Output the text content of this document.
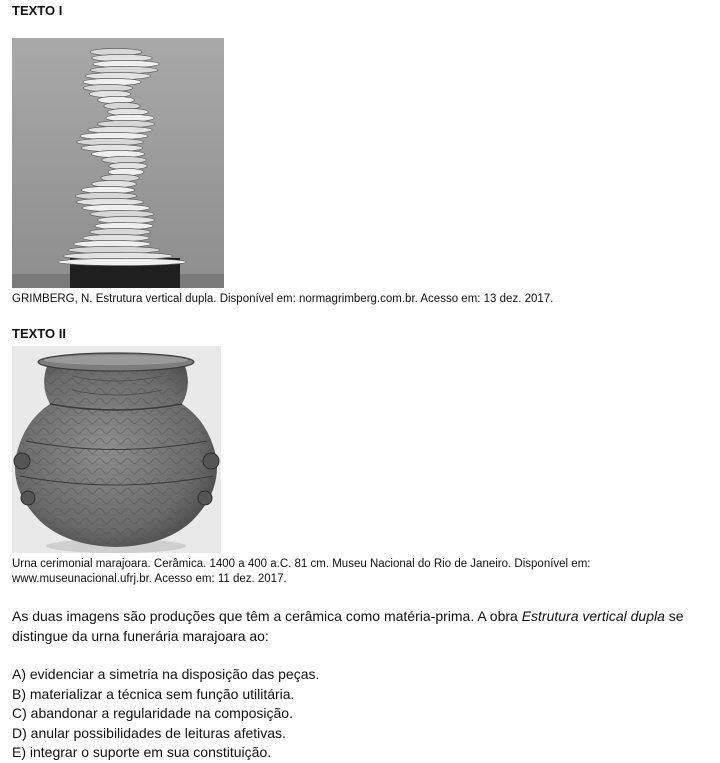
TEXTO I
GRIMBERG, N. Estrutura vertical dupla. Disponível em: normagrimberg.com.br. Acesso em: 13 dez. 2017.
TEXTO II
Urna cerimonial marajoara. Cerâmica. 1400 a 400 a.C. 81 cm. Museu Nacional do Rio de Janeiro. Disponível em:
www.museunacional.ufrj.br. Acesso em: 11 dez. 2017.
As duas imagens são produções que têm a cerâmica como matéria-prima. A obra Estrutura vertical dupla se distingue da urna funerária marajoara ao:
A) evidenciar a simetria na disposição das peças.
B) materializar a técnica sem função utilitária.
C) abandonar a regularidade na composição.
D) anular possibilidades de leituras afetivas.
E) integrar o suporte em sua constituição.
